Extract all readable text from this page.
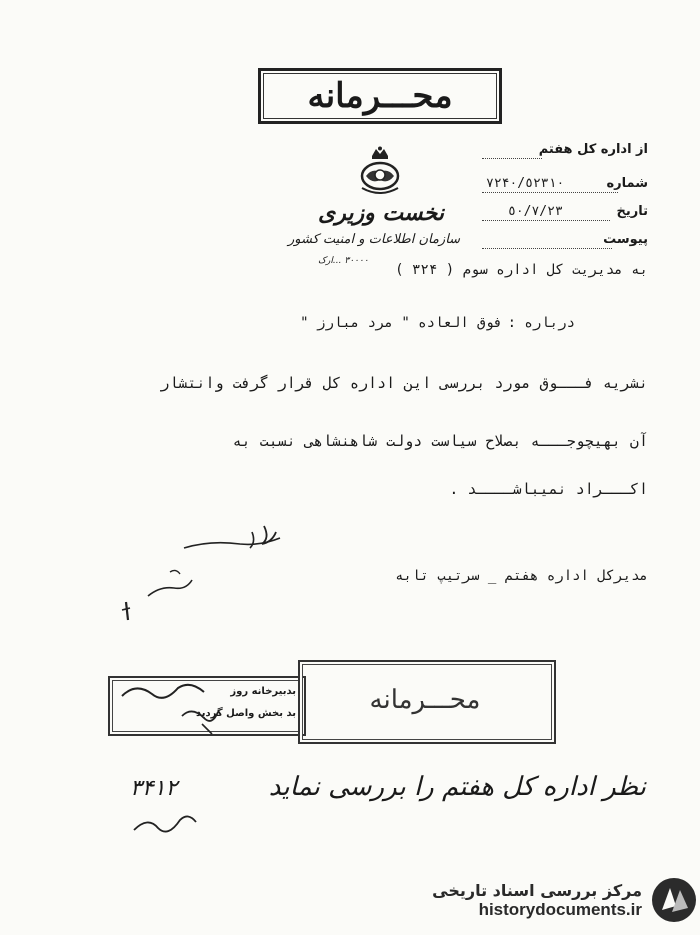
محـــرمانه
نخست وزیری
سازمان اطلاعات و امنیت کشور
۳۰۰۰۰ ...ارک
از اداره کل هفتم
شماره
۷۲۴٠/٥٢٣١٠
تاریخ
٥٠/٧/٢٣
پیوست
به مدیریت کل اداره سوم ( ۳۲۴ )
درباره : فوق العاده " مرد مبارز "
نشریه فـــوق مورد بررسی این اداره کل قرار گرفت وانتشار
آن بهیچوجـــه بصلاح سیاست دولت شاهنشاهی نسبت به
اکـــراد نمیباشــــد .
مدیرکل اداره هفتم _ سرتیپ تابه
بدبیرخانه روز
بد بخش واصل گردید	محـــرمانه
نظر اداره کل هفتم را بررسی نماید
۳۴۱۲
مرکز بررسی اسناد تاریخی
historydocuments.ir
